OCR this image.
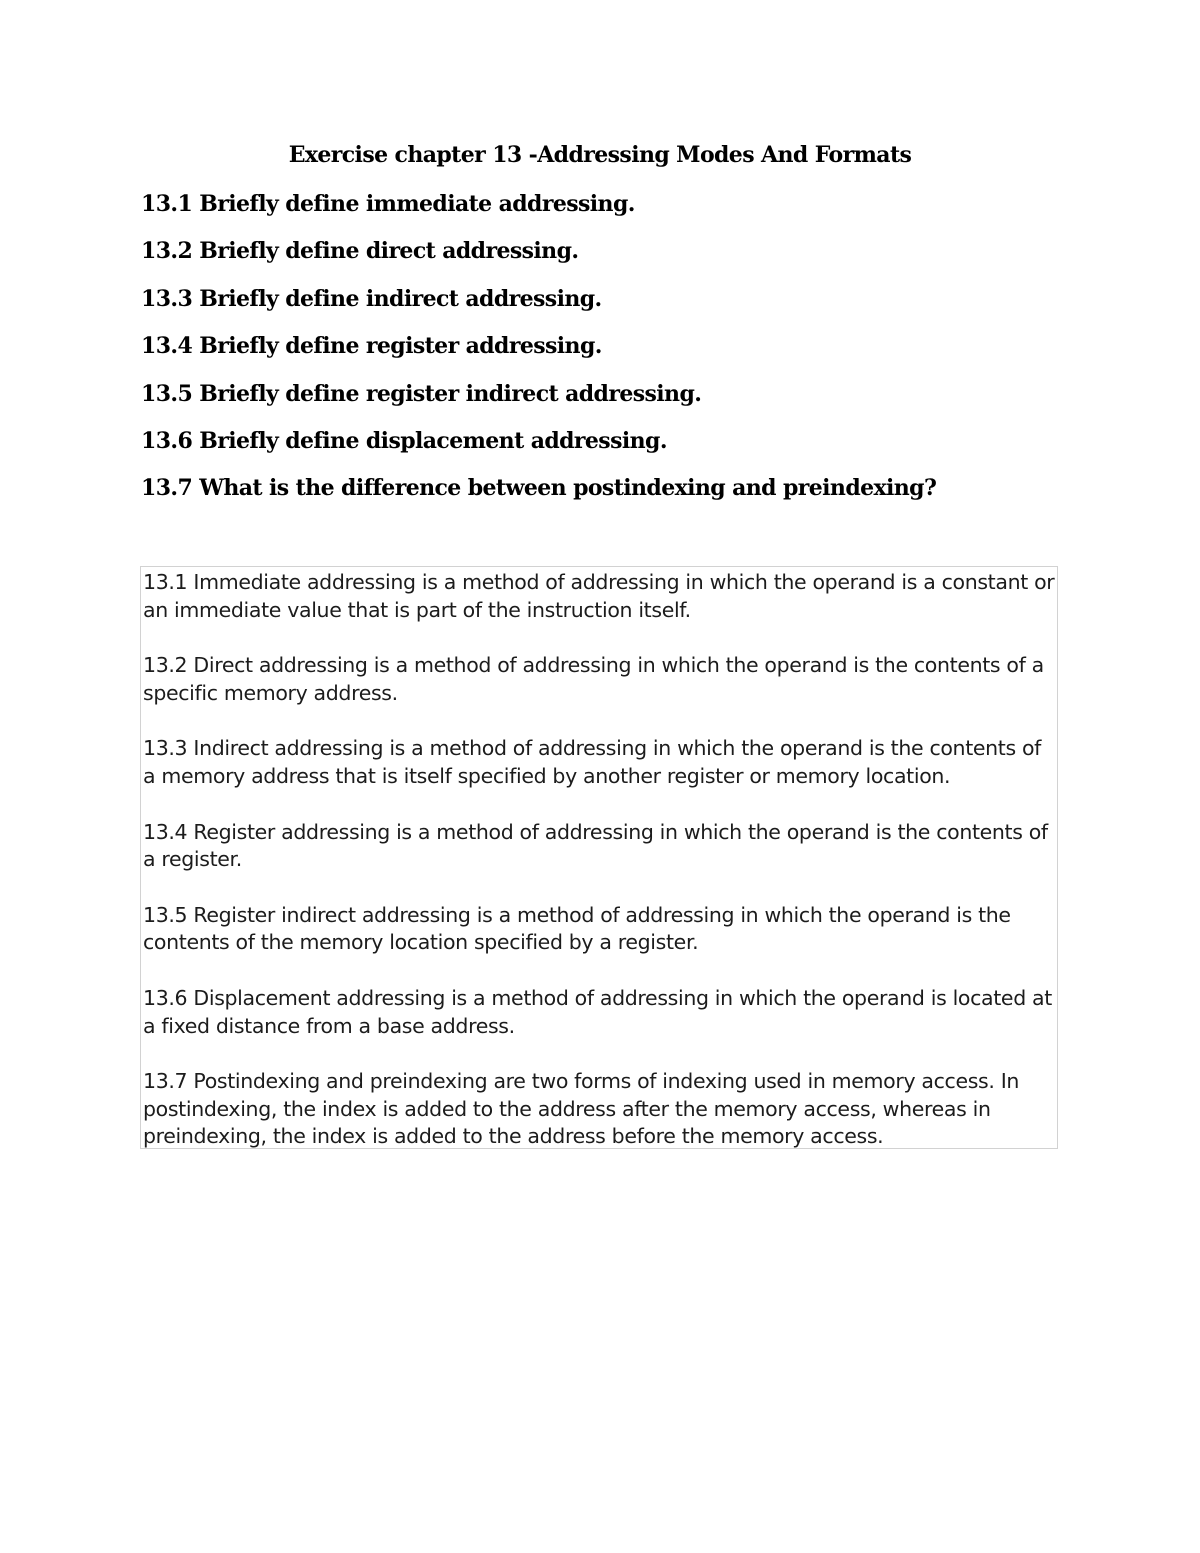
Exercise chapter 13 -Addressing Modes And Formats
13.1 Briefly define immediate addressing.
13.2 Briefly define direct addressing.
13.3 Briefly define indirect addressing.
13.4 Briefly define register addressing.
13.5 Briefly define register indirect addressing.
13.6 Briefly define displacement addressing.
13.7 What is the difference between postindexing and preindexing?
13.1 Immediate addressing is a method of addressing in which the operand is a constant or an immediate value that is part of the instruction itself.
13.2 Direct addressing is a method of addressing in which the operand is the contents of a specific memory address.
13.3 Indirect addressing is a method of addressing in which the operand is the contents of a memory address that is itself specified by another register or memory location.
13.4 Register addressing is a method of addressing in which the operand is the contents of a register.
13.5 Register indirect addressing is a method of addressing in which the operand is the contents of the memory location specified by a register.
13.6 Displacement addressing is a method of addressing in which the operand is located at a fixed distance from a base address.
13.7 Postindexing and preindexing are two forms of indexing used in memory access. In postindexing, the index is added to the address after the memory access, whereas in preindexing, the index is added to the address before the memory access.
